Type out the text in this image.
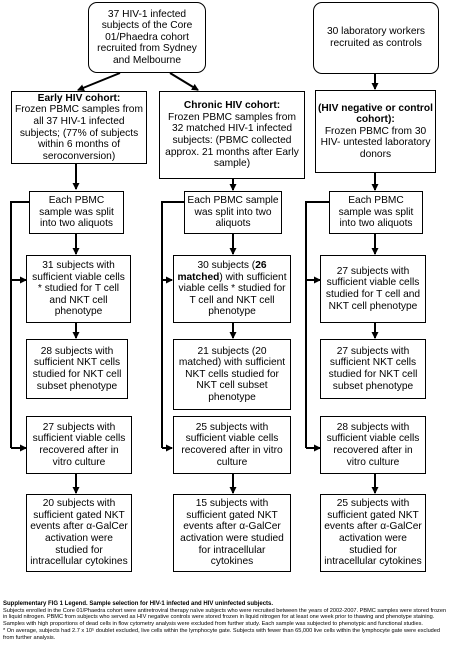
37 HIV-1 infected subjects of the Core 01/Phaedra cohort recruited from Sydney and Melbourne
30 laboratory workers recruited as controls
Early HIV cohort:
Frozen PBMC samples from all 37 HIV-1 infected subjects; (77% of subjects within 6 months of seroconversion)
Chronic HIV cohort:
Frozen PBMC samples from 32 matched HIV-1 infected subjects: (PBMC collected approx. 21 months after Early sample)
(HIV negative or control cohort):
Frozen PBMC from 30 HIV- untested laboratory donors
Each PBMC sample was split into two aliquots
Each PBMC sample was split into two aliquots
Each PBMC sample was split into two aliquots
31 subjects with sufficient viable cells * studied for T cell and NKT cell phenotype
30 subjects (26 matched) with sufficient viable cells * studied for T cell and NKT cell phenotype
27 subjects with sufficient viable cells studied for T cell and NKT cell phenotype
28 subjects with sufficient NKT cells studied for NKT cell subset phenotype
21 subjects (20 matched) with sufficient NKT cells studied for NKT cell subset phenotype
27 subjects with sufficient NKT cells studied for NKT cell subset phenotype
27 subjects with sufficient viable cells recovered after in vitro culture
25 subjects with sufficient viable cells recovered after in vitro culture
28 subjects with sufficient viable cells recovered after in vitro culture
20 subjects with sufficient gated NKT events after α-GalCer activation were studied for intracellular cytokines
15 subjects with sufficient gated NKT events after α-GalCer activation were studied for intracellular cytokines
25 subjects with sufficient gated NKT events after α-GalCer activation were studied for intracellular cytokines
Supplementary FIG 1 Legend. Sample selection for HIV-1 infected and HIV uninfected subjects.
Subjects enrolled in the Core 01/Phaedra cohort were antiretroviral therapy naïve subjects who were recruited between the years of 2002-2007. PBMC samples were stored frozen in liquid nitrogen. PBMC from subjects who served as HIV negative controls were stored frozen in liquid nitrogen for at least one week prior to thawing and phenotype staining. Samples with high proportions of dead cells in flow cytometry analysis were excluded from further study. Each sample was subjected to phenotypic and functional studies.
* On average, subjects had 2.7 x 10⁵ doublet excluded, live cells within the lymphocyte gate. Subjects with fewer than 65,000 live cells within the lymphocyte gate were excluded from further analysis.
